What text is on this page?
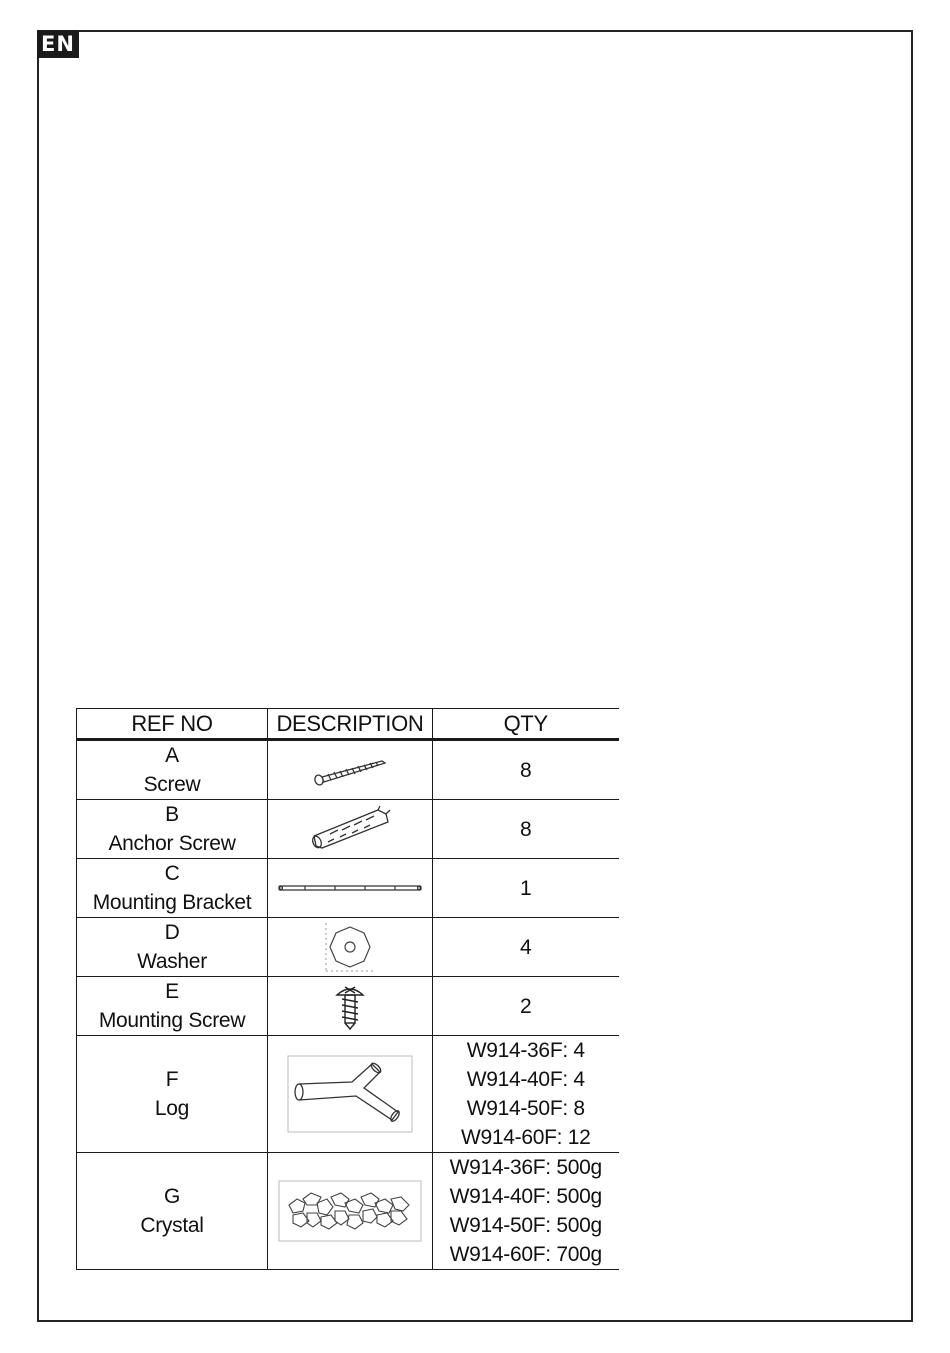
EN
REF NO	DESCRIPTION	QTY

A
Screw		8

B
Anchor Screw		8

C
Mounting Bracket		1

D
Washer		4

E
Mounting Screw		2

F
Log		W914-36F: 4
W914-40F: 4
W914-50F: 8
W914-60F: 12

G
Crystal		W914-36F: 500g
W914-40F: 500g
W914-50F: 500g
W914-60F: 700g
